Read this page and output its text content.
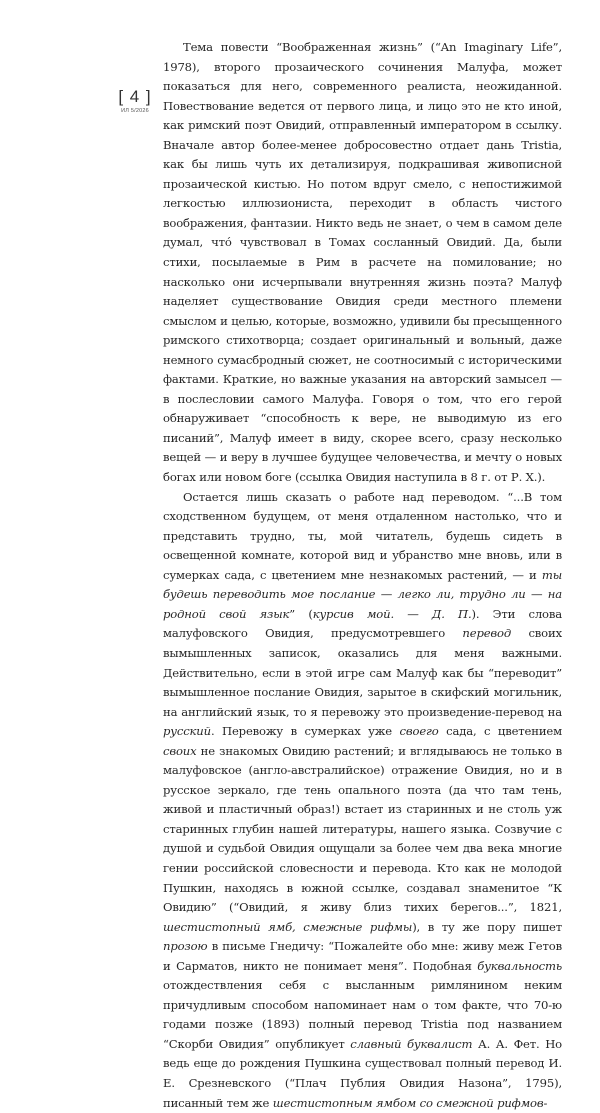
[ 4 ]
ИЛ 5/2026

Тема повести “Воображенная жизнь” (“An Imaginary Life”, 1978), второго прозаического сочинения Малуфа, может показаться для него, современного реалиста, неожиданной. Повествование ведется от первого лица, и лицо это не кто иной, как римский поэт Овидий, отправленный императором в ссылку. Вначале автор более-менее добросовестно отдает дань Tristia, как бы лишь чуть их детализируя, подкрашивая живописной прозаической кистью. Но потом вдруг смело, с непостижимой легкостью иллюзиониста, переходит в область чистого воображения, фантазии. Никто ведь не знает, о чем в самом деле думал, что́ чувствовал в Томах сосланный Овидий. Да, были стихи, посылаемые в Рим в расчете на помилование; но насколько они исчерпывали внутренняя жизнь поэта? Малуф наделяет существование Овидия среди местного племени смыслом и целью, которые, возможно, удивили бы пресыщенного римского стихотворца; создает оригинальный и вольный, даже немного сумасбродный сюжет, не соотносимый с историческими фактами. Краткие, но важные указания на авторский замысел — в послесловии самого Малуфа. Говоря о том, что его герой обнаруживает “способность к вере, не выводимую из его писаний”, Малуф имеет в виду, скорее всего, сразу несколько вещей — и веру в лучшее будущее человечества, и мечту о новых богах или новом боге (ссылка Овидия наступила в 8 г. от Р. Х.).

Остается лишь сказать о работе над переводом. “...В том сходственном будущем, от меня отдаленном настолько, что и представить трудно, ты, мой читатель, будешь сидеть в освещенной комнате, которой вид и убранство мне вновь, или в сумерках сада, с цветением мне незнакомых растений, — и ты будешь переводить мое послание — легко ли, трудно ли — на родной свой язык” (курсив мой. — Д. П.). Эти слова малуфовского Овидия, предусмотревшего перевод своих вымышленных записок, оказались для меня важными. Действительно, если в этой игре сам Малуф как бы “переводит” вымышленное послание Овидия, зарытое в скифский могильник, на английский язык, то я перевожу это произведение-перевод на русский. Перевожу в сумерках уже своего сада, с цветением своих не знакомых Овидию растений; и вглядываюсь не только в малуфовское (англо-австралийское) отражение Овидия, но и в русское зеркало, где тень опального поэта (да что там тень, живой и пластичный образ!) встает из старинных и не столь уж старинных глубин нашей литературы, нашего языка. Созвучие с душой и судьбой Овидия ощущали за более чем два века многие гении российской словесности и перевода. Кто как не молодой Пушкин, находясь в южной ссылке, создавал знаменитое “К Овидию” (“Овидий, я живу близ тихих берегов...”, 1821, шестистопный ямб, смежные рифмы), в ту же пору пишет прозою в письме Гнедичу: “Пожалейте обо мне: живу меж Гетов и Сарматов, никто не понимает меня”. Подобная буквальность отождествления себя с высланным римлянином неким причудливым способом напоминает нам о том факте, что 70-ю годами позже (1893) полный перевод Tristia под названием “Скорби Овидия” опубликует славный буквалист А. А. Фет. Но ведь еще до рождения Пушкина существовал полный перевод И. Е. Срезневского (“Плач Публия Овидия Назона”, 1795), писанный тем же шестистопным ямбом со смежной рифмов-
